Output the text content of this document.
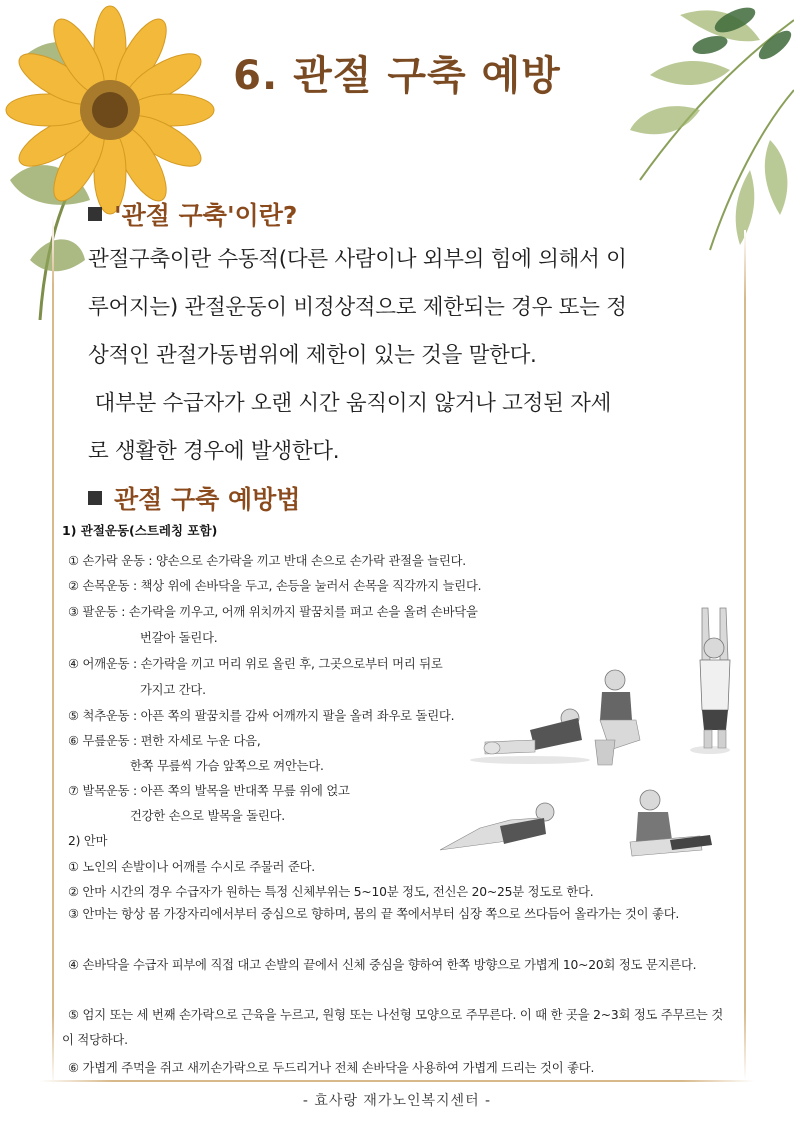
6. 관절 구축 예방
'관절 구축'이란?

관절구축이란 수동적(다른 사람이나 외부의 힘에 의해서 이

루어지는) 관절운동이 비정상적으로 제한되는 경우 또는 정

상적인 관절가동범위에 제한이 있는 것을 말한다.

대부분 수급자가 오랜 시간 움직이지 않거나 고정된 자세

로 생활한 경우에 발생한다.

관절 구축 예방법
1) 관절운동(스트레칭 포함)
① 손가락 운동 : 양손으로 손가락을 끼고 반대 손으로 손가락 관절을 늘린다.
② 손목운동 : 책상 위에 손바닥을 두고, 손등을 눌러서 손목을 직각까지 늘린다.
③ 팔운동 : 손가락을 끼우고, 어깨 위치까지 팔꿈치를 펴고 손을 올려 손바닥을
번갈아 돌린다.
④ 어깨운동 : 손가락을 끼고 머리 위로 올린 후, 그곳으로부터 머리 뒤로
가지고 간다.
⑤ 척추운동 : 아픈 쪽의 팔꿈치를 감싸 어깨까지 팔을 올려 좌우로 돌린다.
⑥ 무릎운동 : 편한 자세로 누운 다음,
한쪽 무릎씩 가슴 앞쪽으로 껴안는다.
⑦ 발목운동 : 아픈 쪽의 발목을 반대쪽 무릎 위에 얹고
건강한 손으로 발목을 돌린다.
2) 안마
① 노인의 손발이나 어깨를 수시로 주물러 준다.
② 안마 시간의 경우 수급자가 원하는 특정 신체부위는 5~10분 정도, 전신은 20~25분 정도로 한다.
③ 안마는 항상 몸 가장자리에서부터 중심으로 향하며, 몸의 끝 쪽에서부터 심장 쪽으로 쓰다듬어 올라가는 것이 좋다.
④ 손바닥을 수급자 피부에 직접 대고 손발의 끝에서 신체 중심을 향하여 한쪽 방향으로 가볍게 10~20회 정도 문지른다.
⑤ 엄지 또는 세 번째 손가락으로 근육을 누르고, 원형 또는 나선형 모양으로 주무른다. 이 때 한 곳을 2~3회 정도 주무르는 것이 적당하다.
⑥ 가볍게 주먹을 쥐고 새끼손가락으로 두드리거나 전체 손바닥을 사용하여 가볍게 드리는 것이 좋다.
- 효사랑 재가노인복지센터 -
